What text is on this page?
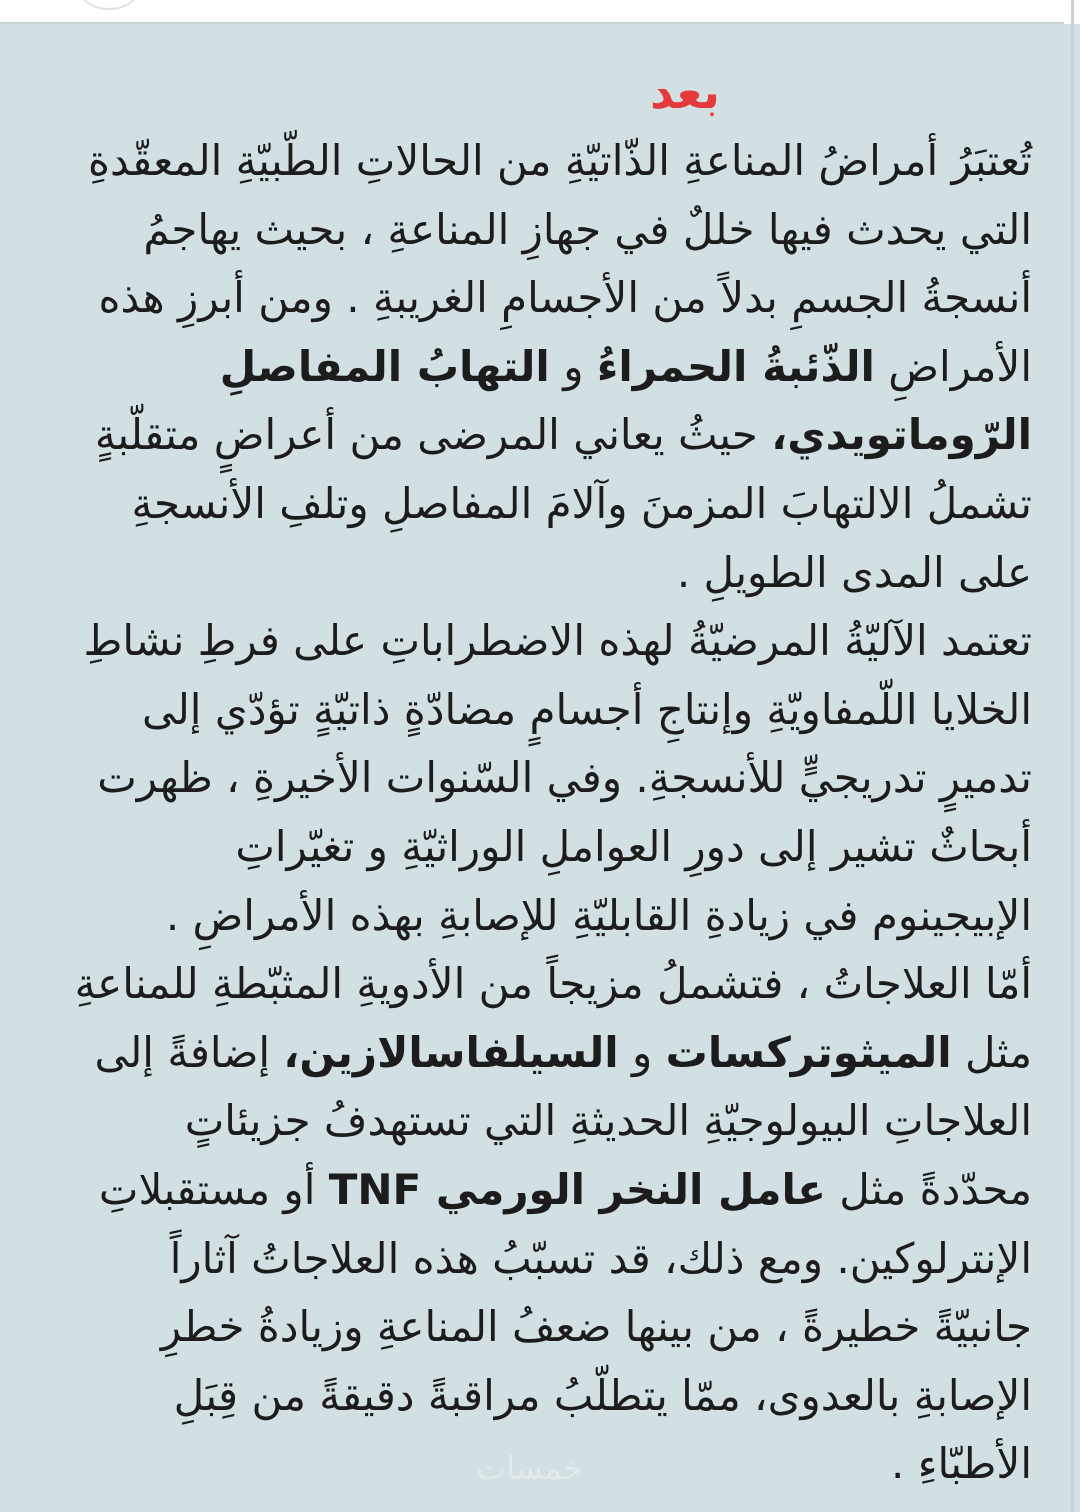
بعد

تُعتبَرُ أمراضُ المناعةِ الذّاتيّةِ من الحالاتِ الطّبيّةِ المعقّدةِ التي يحدث فيها خللٌ في جهازِ المناعةِ ، بحيث يهاجمُ أنسجةُ الجسمِ بدلاً من الأجسامِ الغريبةِ . ومن أبرزِ هذه الأمراضِ الذّئبةُ الحمراءُ و التهابُ المفاصلِ الرّوماتويدي، حيثُ يعاني المرضى من أعراضٍ متقلّبةٍ تشملُ الالتهابَ المزمنَ وآلامَ المفاصلِ وتلفِ الأنسجةِ على المدى الطويلِ .

تعتمد الآليّةُ المرضيّةُ لهذه الاضطراباتِ على فرطِ نشاطِ الخلايا اللّمفاويّةِ وإنتاجِ أجسامٍ مضادّةٍ ذاتيّةٍ تؤدّي إلى تدميرٍ تدريجيٍّ للأنسجةِ. وفي السّنوات الأخيرةِ ، ظهرت أبحاثٌ تشير إلى دورِ العواملِ الوراثيّةِ و تغيّراتِ الإبيجينوم في زيادةِ القابليّةِ للإصابةِ بهذه الأمراضِ .

أمّا العلاجاتُ ، فتشملُ مزيجاً من الأدويةِ المثبّطةِ للمناعةِ مثل الميثوتركسات و السيلفاسالازين، إضافةً إلى العلاجاتِ البيولوجيّةِ الحديثةِ التي تستهدفُ جزيئاتٍ محدّدةً مثل عامل النخر الورمي TNF أو مستقبلاتِ الإنترلوكين. ومع ذلك، قد تسبّبُ هذه العلاجاتُ آثاراً جانبيّةً خطيرةً ، من بينها ضعفُ المناعةِ وزيادةُ خطرِ الإصابةِ بالعدوى، ممّا يتطلّبُ مراقبةً دقيقةً من قِبَلِ الأطبّاءِ .

خمسات
